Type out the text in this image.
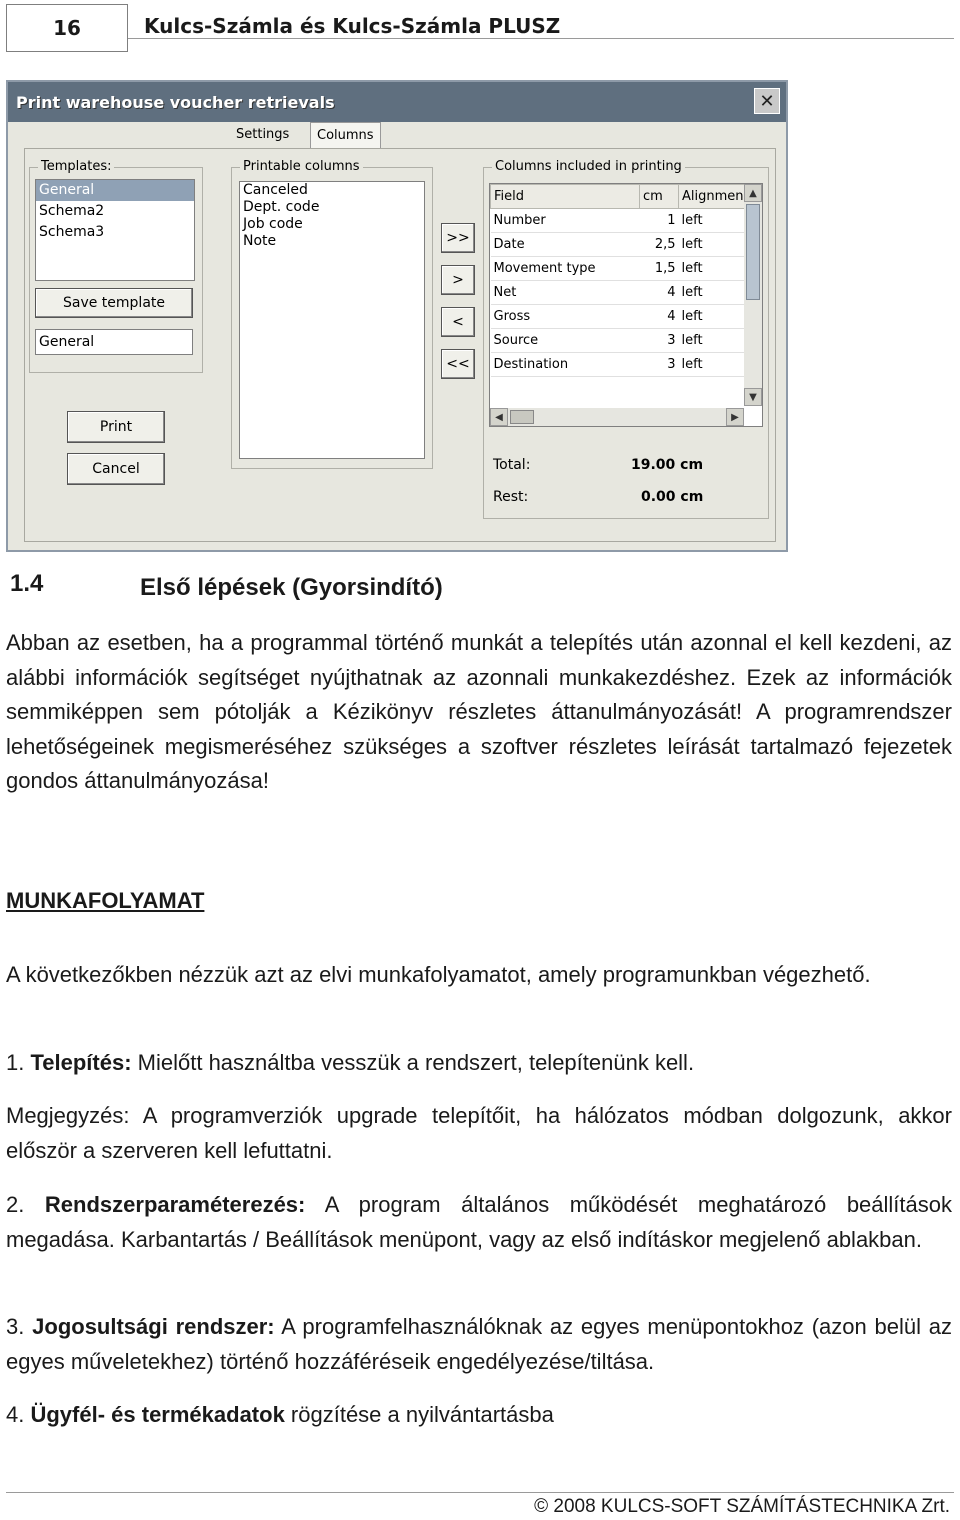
16	Kulcs-Számla és Kulcs-Számla PLUSZ
Print warehouse voucher retrievals	✕
Settings	Columns
Templates:
General
Schema2
Schema3
Save template
General
Print
Cancel
Printable columns
Canceled
Dept. code
Job code
Note	>>
>
<
<<
Columns included in printing
Field	cm	Alignmen
Number	1	left
Date	2,5	left
Movement type	1,5	left
Net	4	left
Gross	4	left
Source	3	left
Destination	3	left
▲
▼
◀	▶
Total:	19.00 cm
Rest:	0.00 cm
1.4	Első lépések (Gyorsindító)
Abban az esetben, ha a programmal történő munkát a telepítés után azonnal el kell kezdeni, az alábbi információk segítséget nyújthatnak az azonnali munkakezdéshez. Ezek az információk semmiképpen sem pótolják a Kézikönyv részletes áttanulmányozását! A programrendszer lehetőségeinek megismeréséhez szükséges a szoftver részletes leírását tartalmazó fejezetek gondos áttanulmányozása!
MUNKAFOLYAMAT
A következőkben nézzük azt az elvi munkafolyamatot, amely programunkban végezhető.
1. Telepítés: Mielőtt használtba vesszük a rendszert, telepítenünk kell.
Megjegyzés: A programverziók upgrade telepítőit, ha hálózatos módban dolgozunk, akkor először a szerveren kell lefuttatni.
2. Rendszerparaméterezés: A program általános működését meghatározó beállítások megadása. Karbantartás / Beállítások menüpont, vagy az első indításkor megjelenő ablakban.
3. Jogosultsági rendszer: A programfelhasználóknak az egyes menüpontokhoz (azon belül az egyes műveletekhez) történő hozzáféréseik engedélyezése/tiltása.
4. Ügyfél- és termékadatok rögzítése a nyilvántartásba
© 2008 KULCS-SOFT SZÁMÍTÁSTECHNIKA Zrt.
